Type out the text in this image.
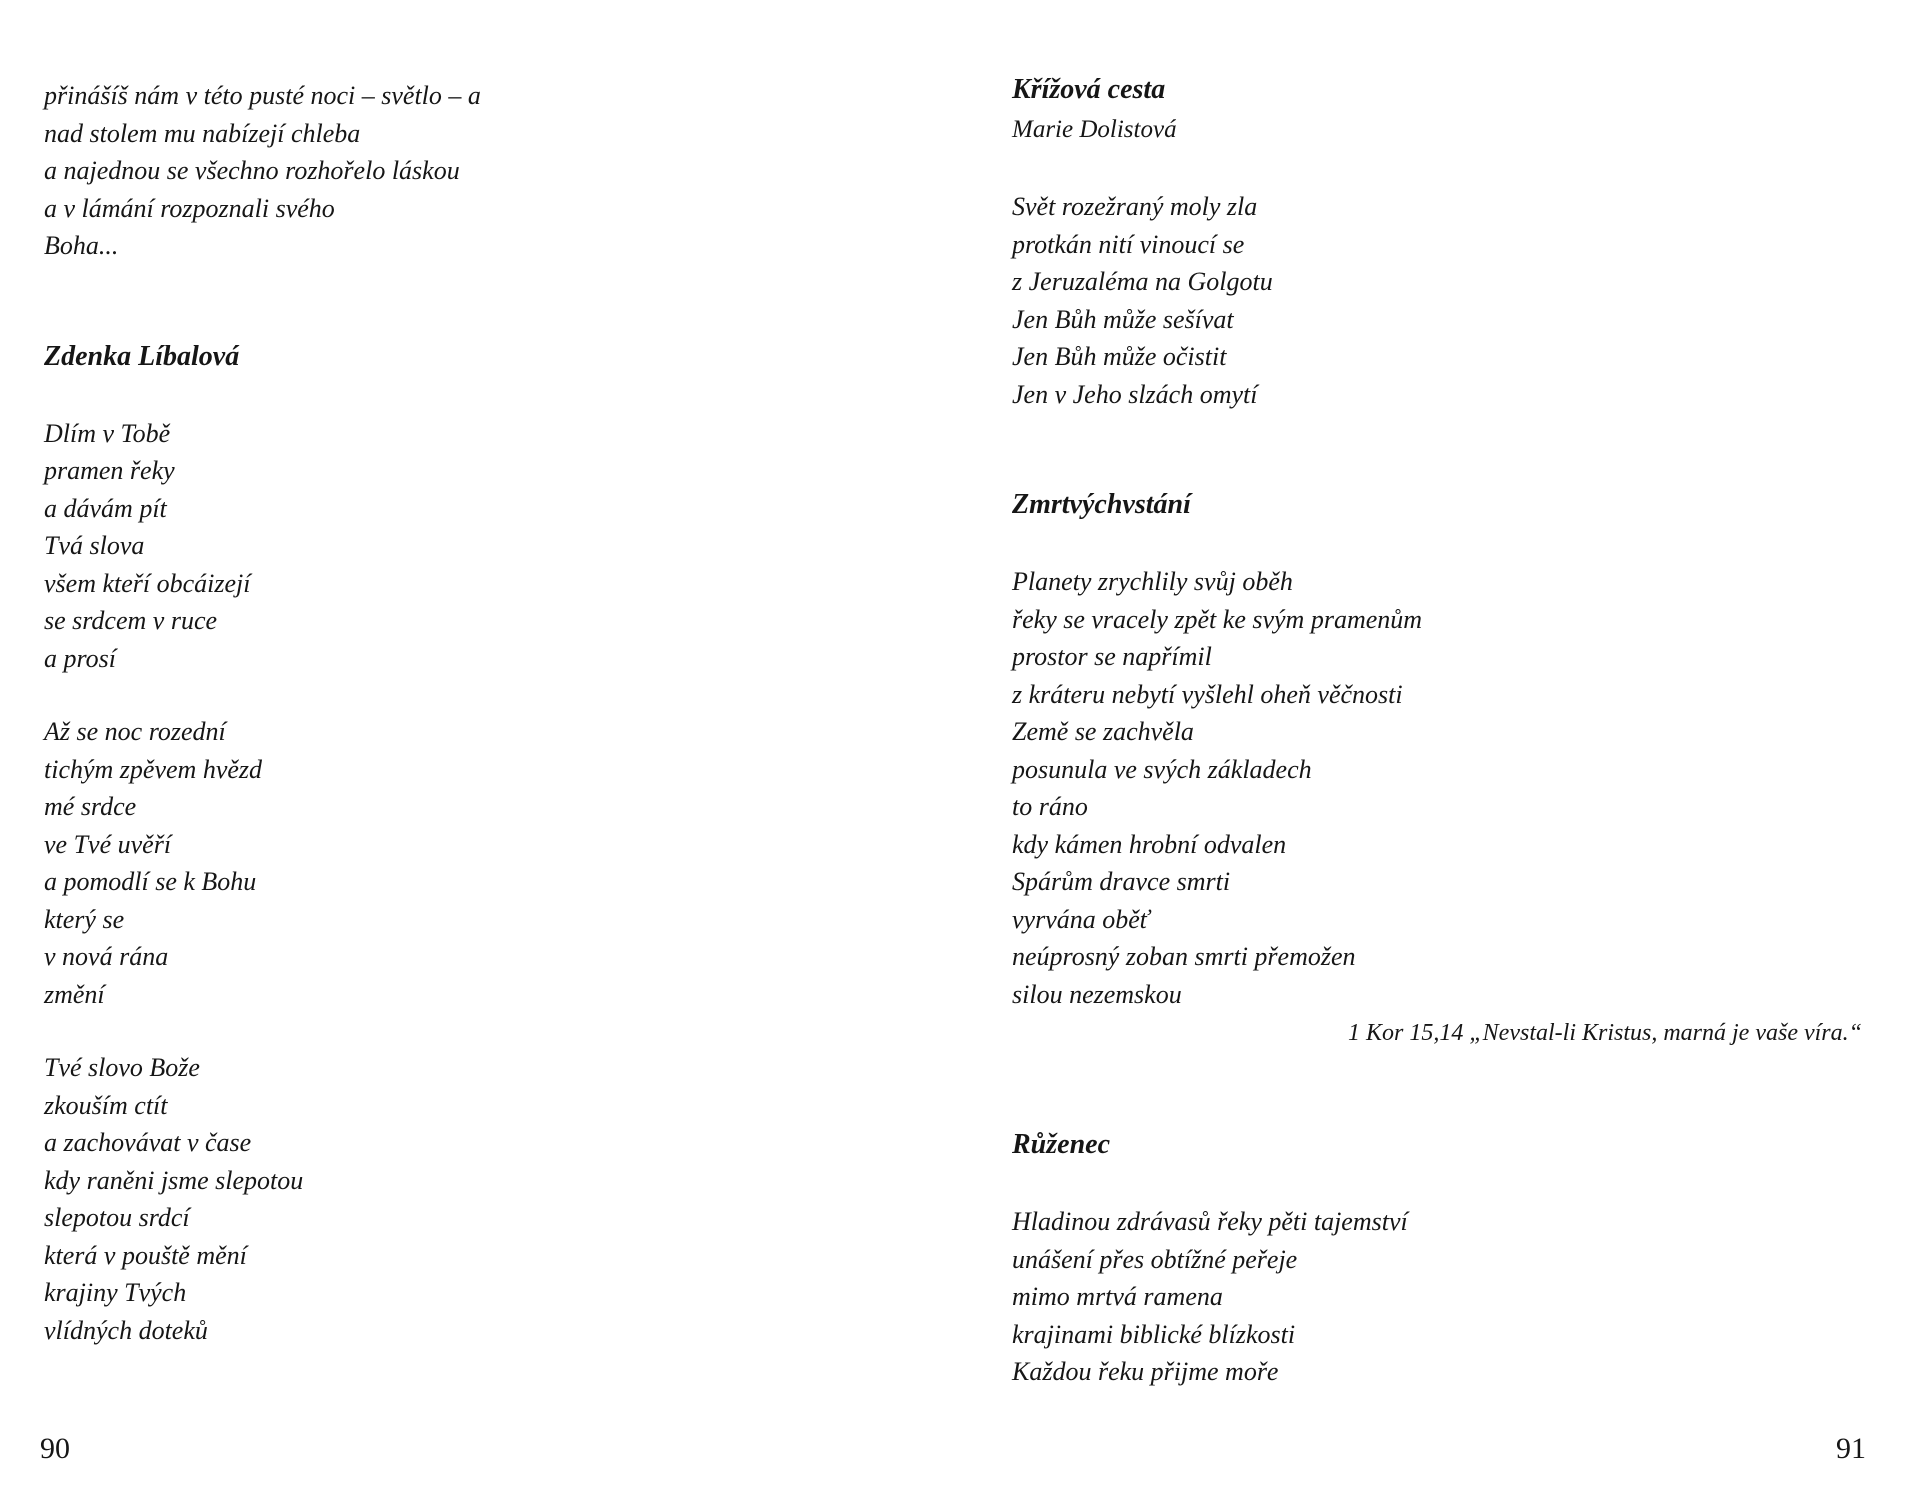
přinášíš nám v této pusté noci – světlo – a
nad stolem mu nabízejí chleba
a najednou se všechno rozhořelo láskou
a v lámání rozpoznali svého
Boha...
Zdenka Líbalová
Dlím v Tobě
pramen řeky
a dávám pít
Tvá slova
všem kteří obcáizejí
se srdcem v ruce
a prosí
Až se noc rozední
tichým zpěvem hvězd
mé srdce
ve Tvé uvěří
a pomodlí se k Bohu
který se
v nová rána
změní
Tvé slovo Bože
zkouším ctít
a zachovávat v čase
kdy raněni jsme slepotou
slepotou srdcí
která v pouště mění
krajiny Tvých
vlídných doteků
90
Křížová cesta
Marie Dolistová
Svět rozežraný moly zla
protkán nití vinoucí se
z Jeruzaléma na Golgotu
Jen Bůh může sešívat
Jen Bůh může očistit
Jen v Jeho slzách omytí
Zmrtvýchvstání
Planety zrychlily svůj oběh
řeky se vracely zpět ke svým pramenům
prostor se napřímil
z kráteru nebytí vyšlehl oheň věčnosti
Země se zachvěla
posunula ve svých základech
to ráno
kdy kámen hrobní odvalen
Spárům dravce smrti
vyrvána oběť
neúprosný zoban smrti přemožen
silou nezemskou
1 Kor 15,14 „Nevstal-li Kristus, marná je vaše víra.“
Růženec
Hladinou zdrávasů řeky pěti tajemství
unášení přes obtížné peřeje
mimo mrtvá ramena
krajinami biblické blízkosti
Každou řeku přijme moře
91
